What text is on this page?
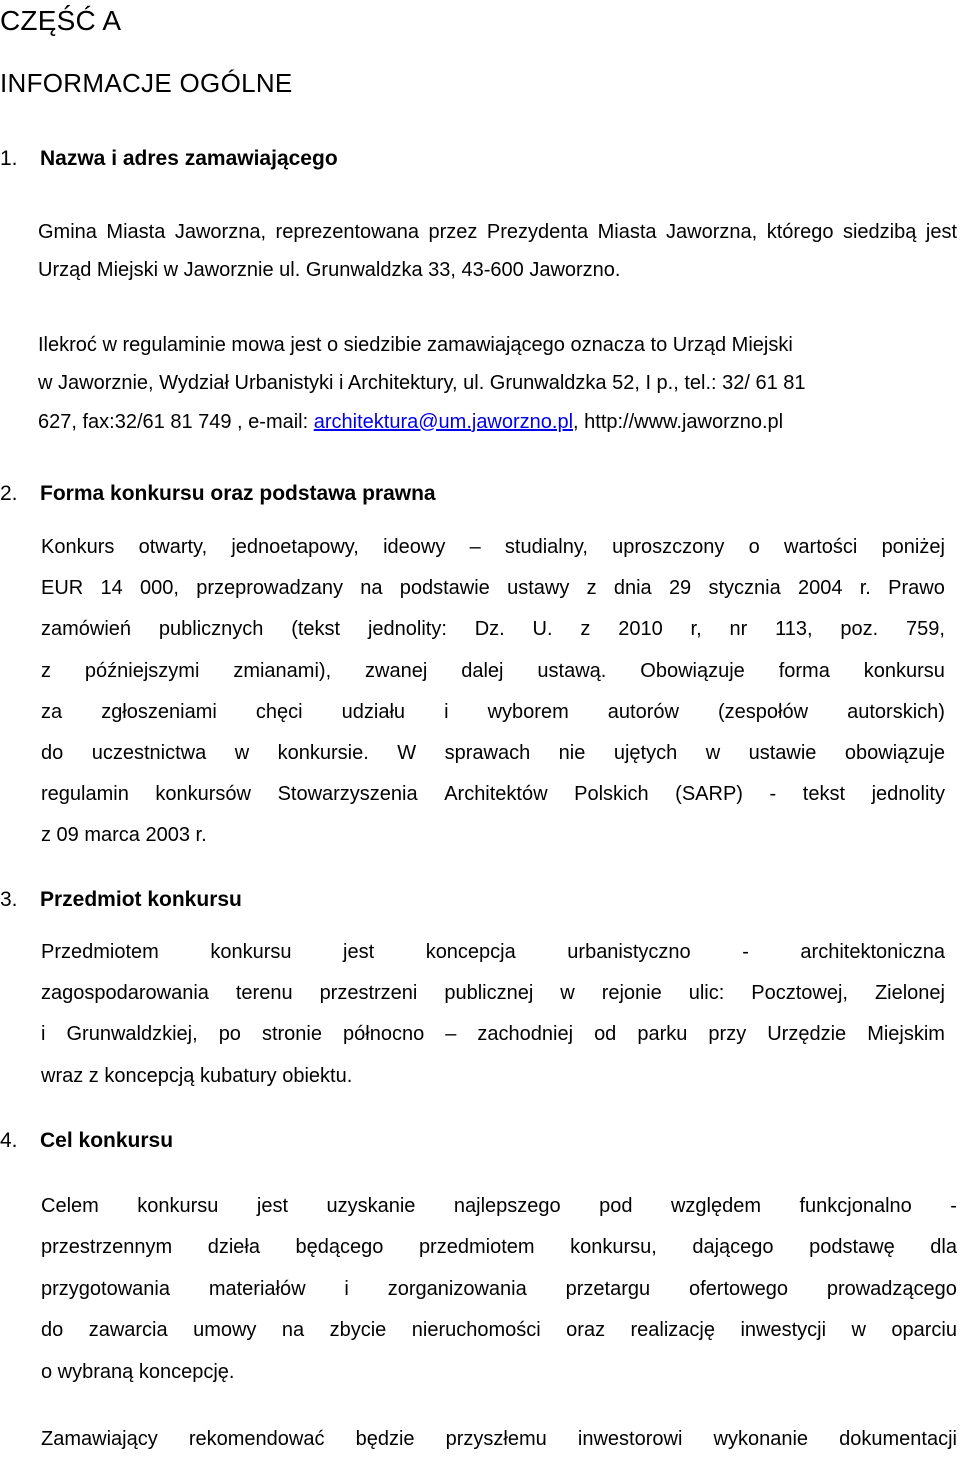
CZĘŚĆ A
INFORMACJE OGÓLNE
1. Nazwa i adres zamawiającego

Gmina Miasta Jaworzna, reprezentowana przez Prezydenta Miasta Jaworzna, którego siedzibą jest Urząd Miejski w Jaworznie ul. Grunwaldzka 33, 43-600 Jaworzno.

Ilekroć w regulaminie mowa jest o siedzibie zamawiającego oznacza to Urząd Miejski
w Jaworznie, Wydział Urbanistyki i Architektury, ul. Grunwaldzka 52, I p., tel.: 32/ 61 81
627, fax:32/61 81 749 , e-mail: architektura@um.jaworzno.pl, http://www.jaworzno.pl
2. Forma konkursu oraz podstawa prawna
Konkurs otwarty, jednoetapowy, ideowy – studialny, uproszczony o wartości poniżej
EUR 14 000, przeprowadzany na podstawie ustawy z dnia 29 stycznia 2004 r. Prawo
zamówień publicznych (tekst jednolity: Dz. U. z 2010 r, nr 113, poz. 759,
z późniejszymi zmianami), zwanej dalej ustawą. Obowiązuje forma konkursu
za zgłoszeniami chęci udziału i wyborem autorów (zespołów autorskich)
do uczestnictwa w konkursie. W sprawach nie ujętych w ustawie obowiązuje
regulamin konkursów Stowarzyszenia Architektów Polskich (SARP) - tekst jednolity
z 09 marca 2003 r.
3. Przedmiot konkursu
Przedmiotem	konkursu	jest	koncepcja	urbanistyczno	-	architektoniczna
zagospodarowania terenu przestrzeni publicznej w rejonie ulic: Pocztowej, Zielonej
i Grunwaldzkiej, po stronie północno – zachodniej od parku przy Urzędzie Miejskim
wraz z koncepcją kubatury obiektu.
4. Cel konkursu
Celem konkursu jest uzyskanie najlepszego pod względem funkcjonalno -
przestrzennym dzieła będącego przedmiotem konkursu, dającego podstawę dla
przygotowania materiałów i zorganizowania przetargu ofertowego prowadzącego
do zawarcia umowy na zbycie nieruchomości oraz realizację inwestycji w oparciu
o wybraną koncepcję.
Zamawiający rekomendować będzie przyszłemu inwestorowi wykonanie dokumentacji
